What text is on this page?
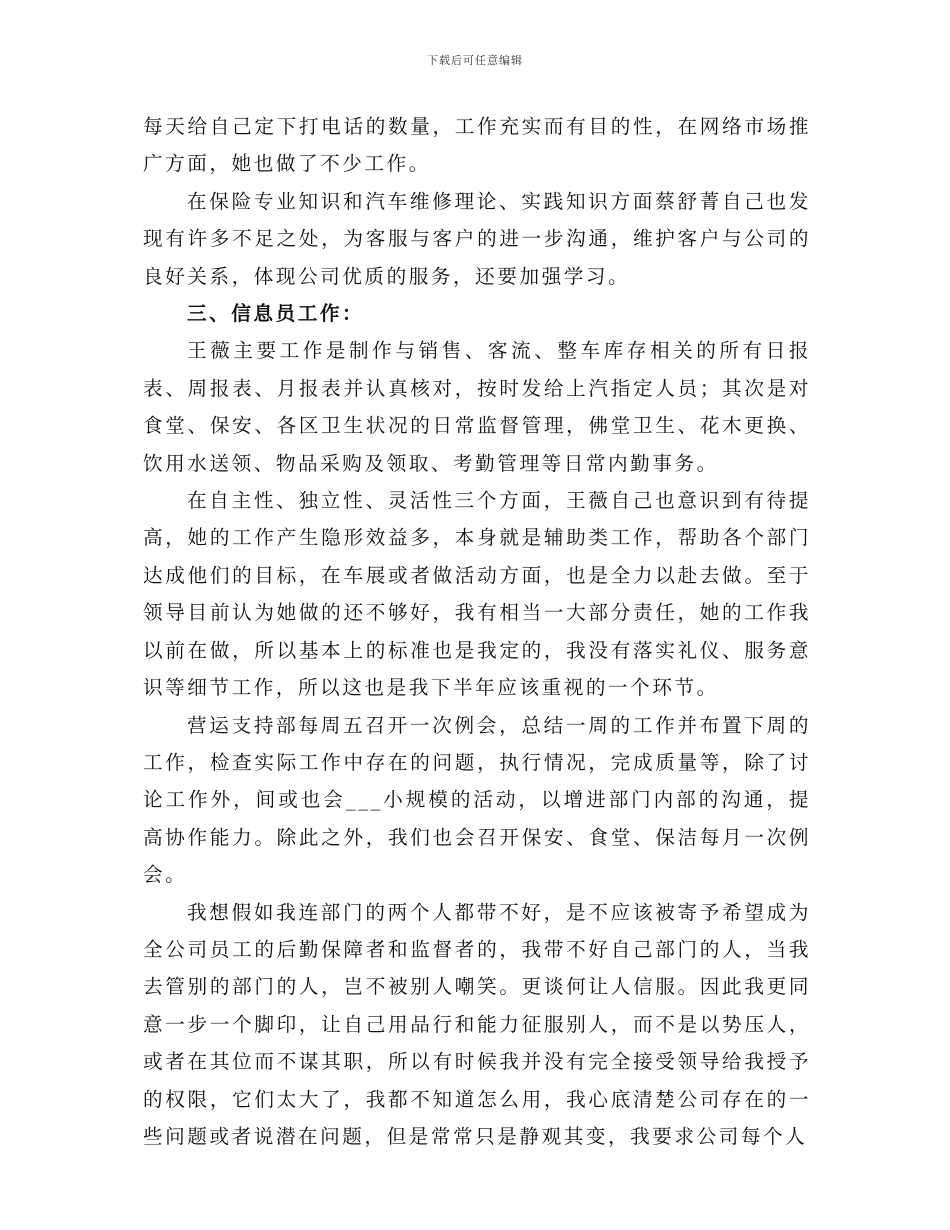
下载后可任意编辑

每天给自己定下打电话的数量，工作充实而有目的性，在网络市场推广方面，她也做了不少工作。

在保险专业知识和汽车维修理论、实践知识方面蔡舒菁自己也发现有许多不足之处，为客服与客户的进一步沟通，维护客户与公司的良好关系，体现公司优质的服务，还要加强学习。

三、信息员工作：

王薇主要工作是制作与销售、客流、整车库存相关的所有日报表、周报表、月报表并认真核对，按时发给上汽指定人员；其次是对食堂、保安、各区卫生状况的日常监督管理，佛堂卫生、花木更换、饮用水送领、物品采购及领取、考勤管理等日常内勤事务。

在自主性、独立性、灵活性三个方面，王薇自己也意识到有待提高，她的工作产生隐形效益多，本身就是辅助类工作，帮助各个部门达成他们的目标，在车展或者做活动方面，也是全力以赴去做。至于领导目前认为她做的还不够好，我有相当一大部分责任，她的工作我以前在做，所以基本上的标准也是我定的，我没有落实礼仪、服务意识等细节工作，所以这也是我下半年应该重视的一个环节。

营运支持部每周五召开一次例会，总结一周的工作并布置下周的工作，检查实际工作中存在的问题，执行情况，完成质量等，除了讨论工作外，间或也会___小规模的活动，以增进部门内部的沟通，提高协作能力。除此之外，我们也会召开保安、食堂、保洁每月一次例会。

我想假如我连部门的两个人都带不好，是不应该被寄予希望成为全公司员工的后勤保障者和监督者的，我带不好自己部门的人，当我去管别的部门的人，岂不被别人嘲笑。更谈何让人信服。因此我更同意一步一个脚印，让自己用品行和能力征服别人，而不是以势压人，或者在其位而不谋其职，所以有时候我并没有完全接受领导给我授予的权限，它们太大了，我都不知道怎么用，我心底清楚公司存在的一些问题或者说潜在问题，但是常常只是静观其变，我要求公司每个人
